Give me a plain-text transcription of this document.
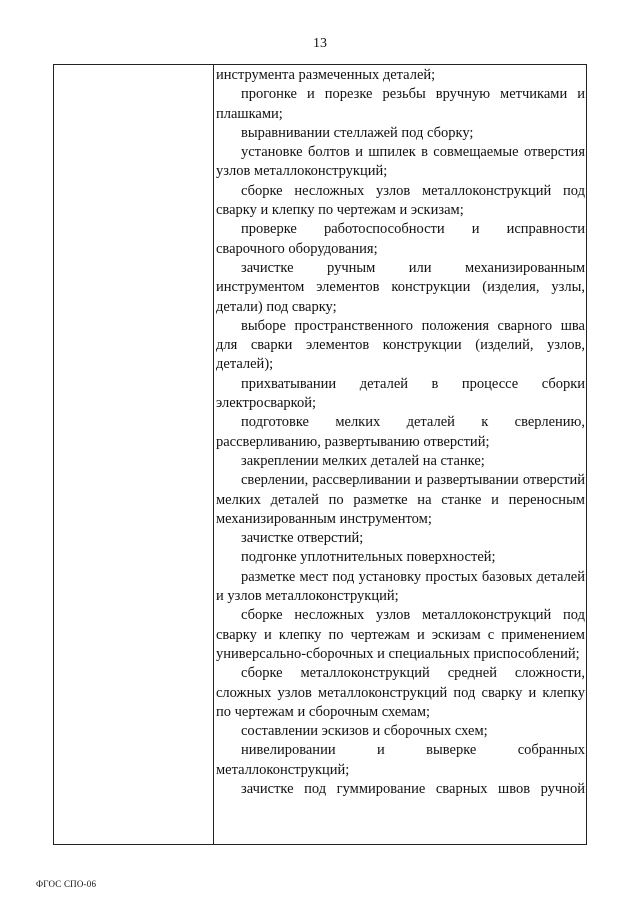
13

инструмента размеченных деталей;

прогонке и порезке резьбы вручную метчиками и плашками;

выравнивании стеллажей под сборку;

установке болтов и шпилек в совмещаемые отверстия узлов металлоконструкций;

сборке несложных узлов металлоконструкций под сварку и клепку по чертежам и эскизам;

проверке работоспособности и исправности сварочного оборудования;

зачистке ручным или механизированным инструментом элементов конструкции (изделия, узлы, детали) под сварку;

выборе пространственного положения сварного шва для сварки элементов конструкции (изделий, узлов, деталей);

прихватывании деталей в процессе сборки электросваркой;

подготовке мелких деталей к сверлению, рассверливанию, развертыванию отверстий;

закреплении мелких деталей на станке;

сверлении, рассверливании и развертывании отверстий мелких деталей по разметке на станке и переносным механизированным инструментом;

зачистке отверстий;

подгонке уплотнительных поверхностей;

разметке мест под установку простых базовых деталей и узлов металлоконструкций;

сборке несложных узлов металлоконструкций под сварку и клепку по чертежам и эскизам с применением универсально-сборочных и специальных приспособлений;

сборке металлоконструкций средней сложности, сложных узлов металлоконструкций под сварку и клепку по чертежам и сборочным схемам;

составлении эскизов и сборочных схем;

нивелировании и выверке собранных металлоконструкций;

зачистке под гуммирование сварных швов ручной

ФГОС СПО-06
